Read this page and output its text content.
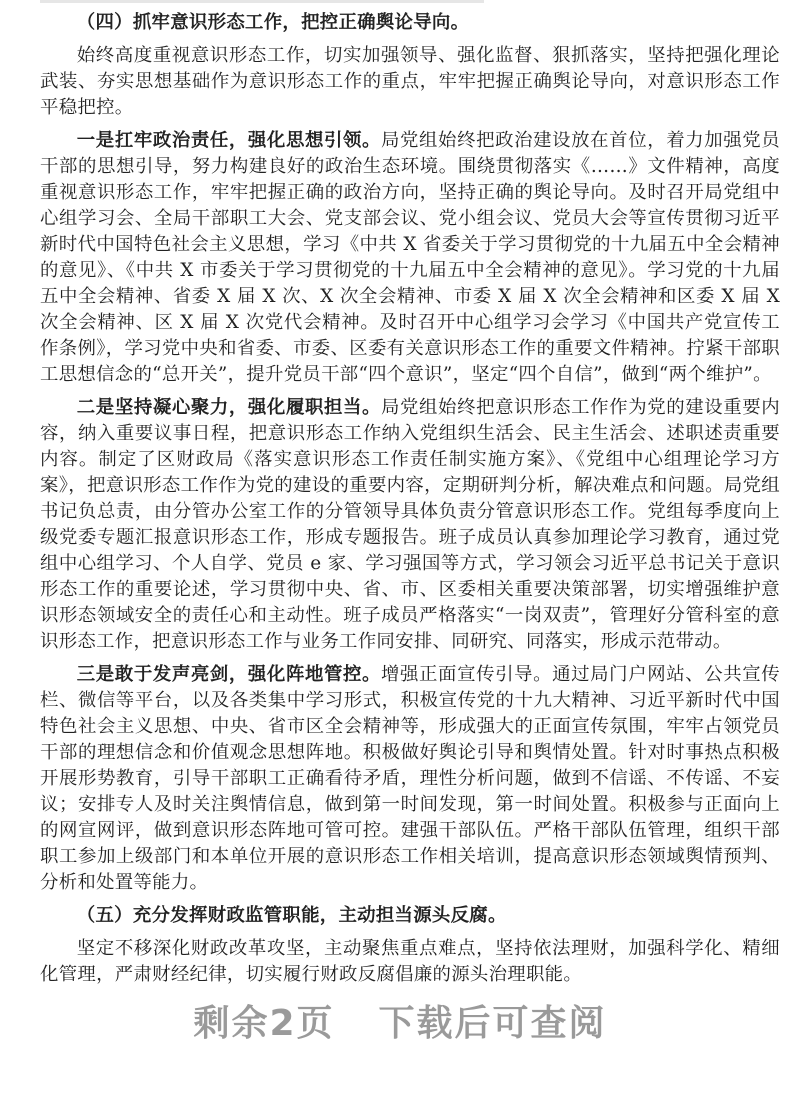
（四）抓牢意识形态工作，把控正确舆论导向。

始终高度重视意识形态工作，切实加强领导、强化监督、狠抓落实，坚持把强化理论武装、夯实思想基础作为意识形态工作的重点，牢牢把握正确舆论导向，对意识形态工作平稳把控。

一是扛牢政治责任，强化思想引领。局党组始终把政治建设放在首位，着力加强党员干部的思想引导，努力构建良好的政治生态环境。围绕贯彻落实《……》文件精神，高度重视意识形态工作，牢牢把握正确的政治方向，坚持正确的舆论导向。及时召开局党组中心组学习会、全局干部职工大会、党支部会议、党小组会议、党员大会等宣传贯彻习近平新时代中国特色社会主义思想，学习《中共 X 省委关于学习贯彻党的十九届五中全会精神的意见》、《中共 X 市委关于学习贯彻党的十九届五中全会精神的意见》。学习党的十九届五中全会精神、省委 X 届 X 次、X 次全会精神、市委 X 届 X 次全会精神和区委 X 届 X 次全会精神、区 X 届 X 次党代会精神。及时召开中心组学习会学习《中国共产党宣传工作条例》，学习党中央和省委、市委、区委有关意识形态工作的重要文件精神。拧紧干部职工思想信念的“总开关”，提升党员干部“四个意识”，坚定“四个自信”，做到“两个维护”。

二是坚持凝心聚力，强化履职担当。局党组始终把意识形态工作作为党的建设重要内容，纳入重要议事日程，把意识形态工作纳入党组织生活会、民主生活会、述职述责重要内容。制定了区财政局《落实意识形态工作责任制实施方案》、《党组中心组理论学习方案》，把意识形态工作作为党的建设的重要内容，定期研判分析，解决难点和问题。局党组书记负总责，由分管办公室工作的分管领导具体负责分管意识形态工作。党组每季度向上级党委专题汇报意识形态工作，形成专题报告。班子成员认真参加理论学习教育，通过党组中心组学习、个人自学、党员 e 家、学习强国等方式，学习领会习近平总书记关于意识形态工作的重要论述，学习贯彻中央、省、市、区委相关重要决策部署，切实增强维护意识形态领域安全的责任心和主动性。班子成员严格落实“一岗双责”，管理好分管科室的意识形态工作，把意识形态工作与业务工作同安排、同研究、同落实，形成示范带动。

三是敢于发声亮剑，强化阵地管控。增强正面宣传引导。通过局门户网站、公共宣传栏、微信等平台，以及各类集中学习形式，积极宣传党的十九大精神、习近平新时代中国特色社会主义思想、中央、省市区全会精神等，形成强大的正面宣传氛围，牢牢占领党员干部的理想信念和价值观念思想阵地。积极做好舆论引导和舆情处置。针对时事热点积极开展形势教育，引导干部职工正确看待矛盾，理性分析问题，做到不信谣、不传谣、不妄议；安排专人及时关注舆情信息，做到第一时间发现，第一时间处置。积极参与正面向上的网宣网评，做到意识形态阵地可管可控。建强干部队伍。严格干部队伍管理，组织干部职工参加上级部门和本单位开展的意识形态工作相关培训，提高意识形态领域舆情预判、分析和处置等能力。

（五）充分发挥财政监管职能，主动担当源头反腐。

坚定不移深化财政改革攻坚，主动聚焦重点难点，坚持依法理财，加强科学化、精细化管理，严肃财经纪律，切实履行财政反腐倡廉的源头治理职能。

剩余2页 下载后可查阅
